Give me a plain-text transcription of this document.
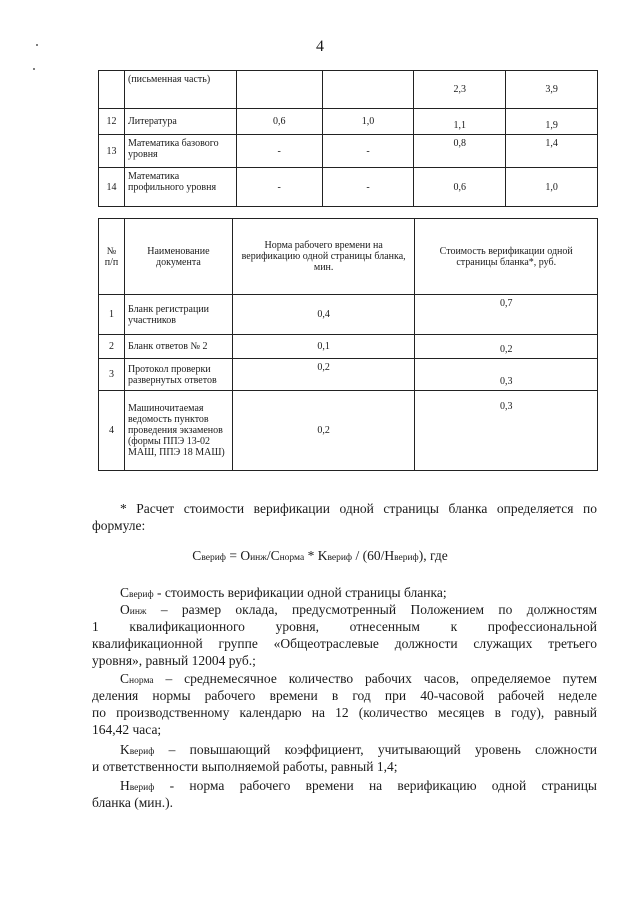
4
	(письменная часть)			2,3	3,9
12	Литература	0,6	1,0	1,1	1,9
13	Математика базового уровня	-	-	0,8	1,4
14	Математика профильного уровня	-	-	0,6	1,0
№ п/п	Наименование документа	Норма рабочего времени на верификацию одной страницы бланка, мин.	Стоимость верификации одной страницы бланка*, руб.
1	Бланк регистрации участников	0,4	0,7
2	Бланк ответов № 2	0,1	0,2
3	Протокол проверки развернутых ответов	0,2	0,3
4	Машиночитаемая ведомость пунктов проведения экзаменов (формы ППЭ 13-02 МАШ, ППЭ 18 МАШ)	0,2	0,3
* Расчет стоимости верификации одной страницы бланка определяется по формуле:
Cвериф = Oинж/Cнорма * Kвериф / (60/Hвериф), где
Cвериф - стоимость верификации одной страницы бланка;
Oинж – размер оклада, предусмотренный Положением по должностям
1 квалификационного уровня, отнесенным к профессиональной
квалификационной группе «Общеотраслевые должности служащих третьего
уровня», равный 12004 руб.;
Cнорма – среднемесячное количество рабочих часов, определяемое путем
деления нормы рабочего времени в год при 40-часовой рабочей неделе
по производственному календарю на 12 (количество месяцев в году), равный
164,42 часа;
Kвериф – повышающий коэффициент, учитывающий уровень сложности
и ответственности выполняемой работы, равный 1,4;
Hвериф - норма рабочего времени на верификацию одной страницы
бланка (мин.).
